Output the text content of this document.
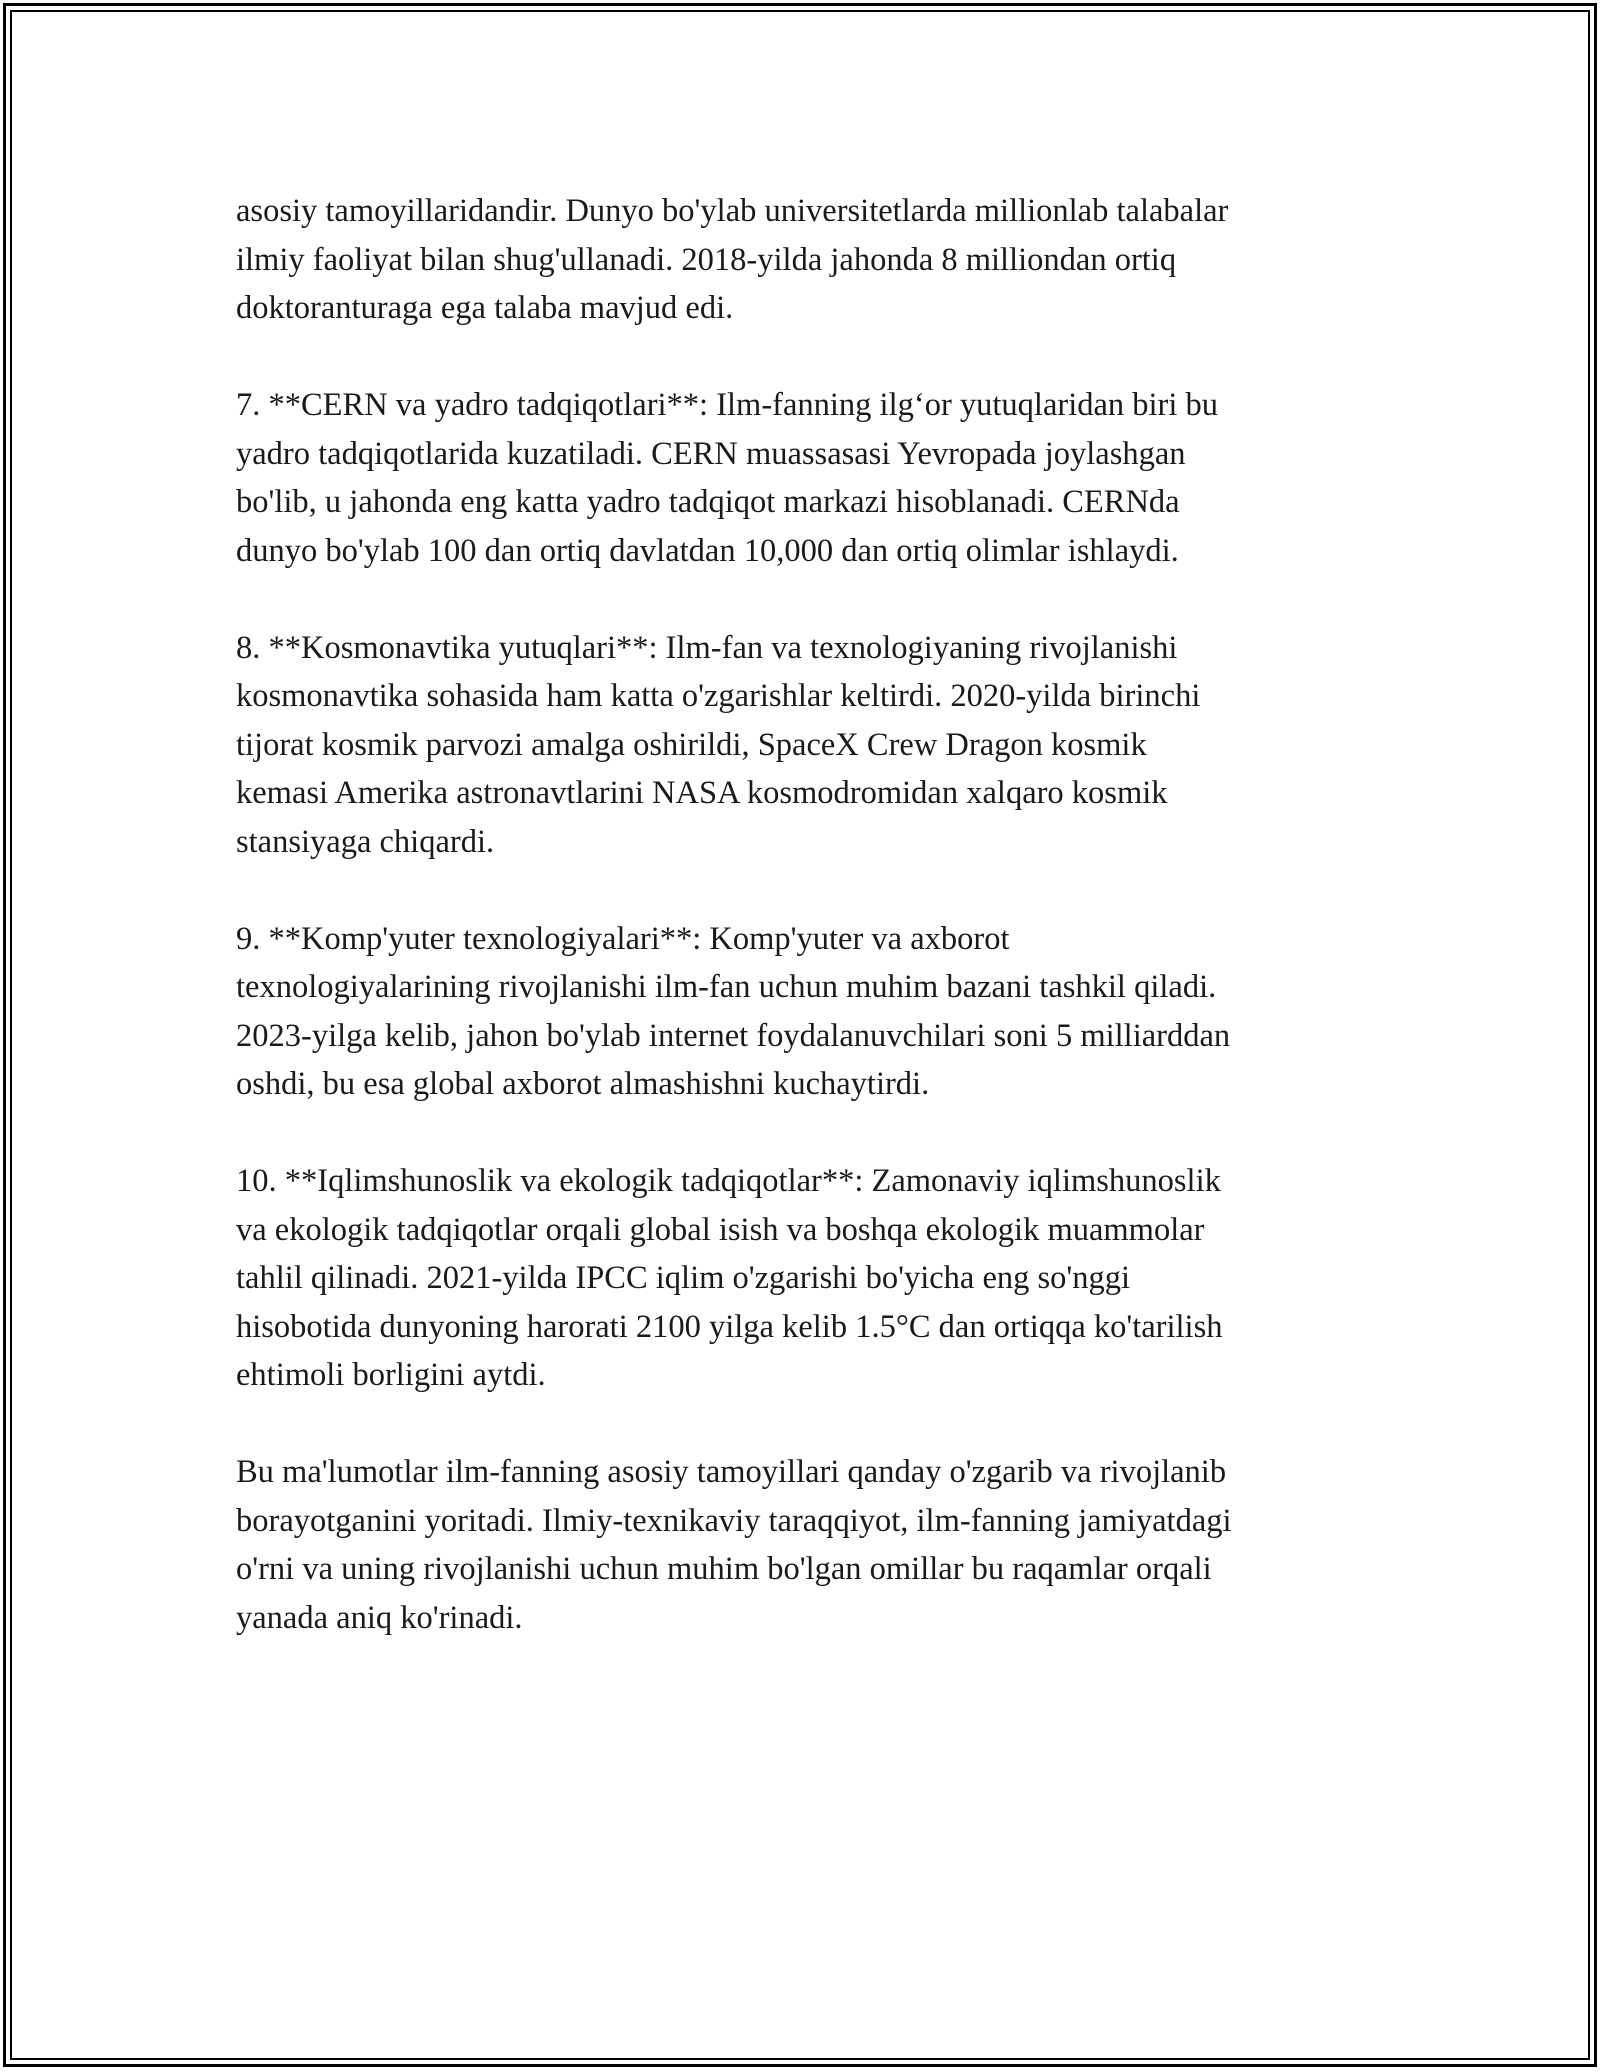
asosiy tamoyillaridandir. Dunyo bo'ylab universitetlarda millionlab talabalar
ilmiy faoliyat bilan shug'ullanadi. 2018-yilda jahonda 8 milliondan ortiq
doktoranturaga ega talaba mavjud edi.

7. **CERN va yadro tadqiqotlari**: Ilm-fanning ilg‘or yutuqlaridan biri bu
yadro tadqiqotlarida kuzatiladi. CERN muassasasi Yevropada joylashgan
bo'lib, u jahonda eng katta yadro tadqiqot markazi hisoblanadi. CERNda
dunyo bo'ylab 100 dan ortiq davlatdan 10,000 dan ortiq olimlar ishlaydi.

8. **Kosmonavtika yutuqlari**: Ilm-fan va texnologiyaning rivojlanishi
kosmonavtika sohasida ham katta o'zgarishlar keltirdi. 2020-yilda birinchi
tijorat kosmik parvozi amalga oshirildi, SpaceX Crew Dragon kosmik
kemasi Amerika astronavtlarini NASA kosmodromidan xalqaro kosmik
stansiyaga chiqardi.

9. **Komp'yuter texnologiyalari**: Komp'yuter va axborot
texnologiyalarining rivojlanishi ilm-fan uchun muhim bazani tashkil qiladi.
2023-yilga kelib, jahon bo'ylab internet foydalanuvchilari soni 5 milliarddan
oshdi, bu esa global axborot almashishni kuchaytirdi.

10. **Iqlimshunoslik va ekologik tadqiqotlar**: Zamonaviy iqlimshunoslik
va ekologik tadqiqotlar orqali global isish va boshqa ekologik muammolar
tahlil qilinadi. 2021-yilda IPCC iqlim o'zgarishi bo'yicha eng so'nggi
hisobotida dunyoning harorati 2100 yilga kelib 1.5°C dan ortiqqa ko'tarilish
ehtimoli borligini aytdi.

Bu ma'lumotlar ilm-fanning asosiy tamoyillari qanday o'zgarib va rivojlanib
borayotganini yoritadi. Ilmiy-texnikaviy taraqqiyot, ilm-fanning jamiyatdagi
o'rni va uning rivojlanishi uchun muhim bo'lgan omillar bu raqamlar orqali
yanada aniq ko'rinadi.
